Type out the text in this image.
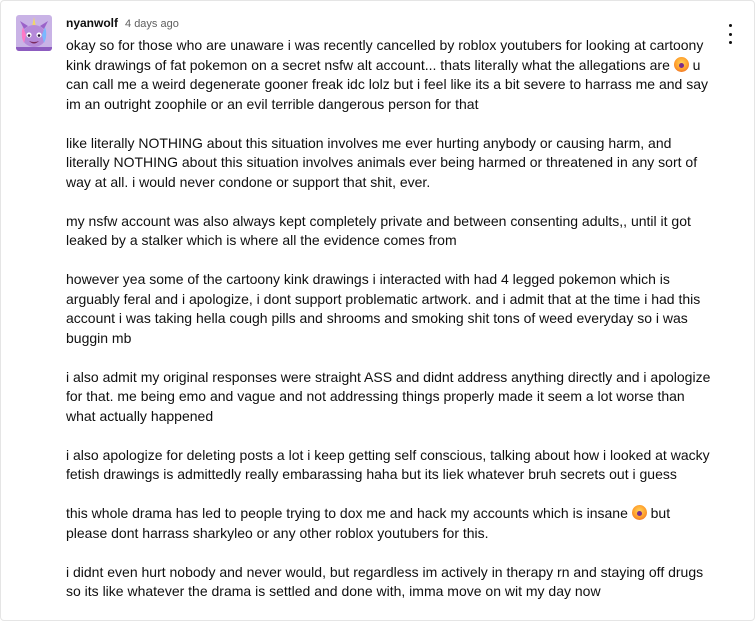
nyanwolf 4 days ago

okay so for those who are unaware i was recently cancelled by roblox youtubers for looking at cartoony kink drawings of fat pokemon on a secret nsfw alt account... thats literally what the allegations are  u can call me a weird degenerate gooner freak idc lolz but i feel like its a bit severe to harrass me and say im an outright zoophile or an evil terrible dangerous person for that

like literally NOTHING about this situation involves me ever hurting anybody or causing harm, and literally NOTHING about this situation involves animals ever being harmed or threatened in any sort of way at all. i would never condone or support that shit, ever.

my nsfw account was also always kept completely private and between consenting adults,, until it got leaked by a stalker which is where all the evidence comes from

however yea some of the cartoony kink drawings i interacted with had 4 legged pokemon which is arguably feral and i apologize, i dont support problematic artwork. and i admit that at the time i had this account i was taking hella cough pills and shrooms and smoking shit tons of weed everyday so i was buggin mb

i also admit my original responses were straight ASS and didnt address anything directly and i apologize for that. me being emo and vague and not addressing things properly made it seem a lot worse than what actually happened

i also apologize for deleting posts a lot i keep getting self conscious, talking about how i looked at wacky fetish drawings is admittedly really embarassing haha but its liek whatever bruh secrets out i guess

this whole drama has led to people trying to dox me and hack my accounts which is insane  but please dont harrass sharkyleo or any other roblox youtubers for this.

i didnt even hurt nobody and never would, but regardless im actively in therapy rn and staying off drugs so its like whatever the drama is settled and done with, imma move on wit my day now
